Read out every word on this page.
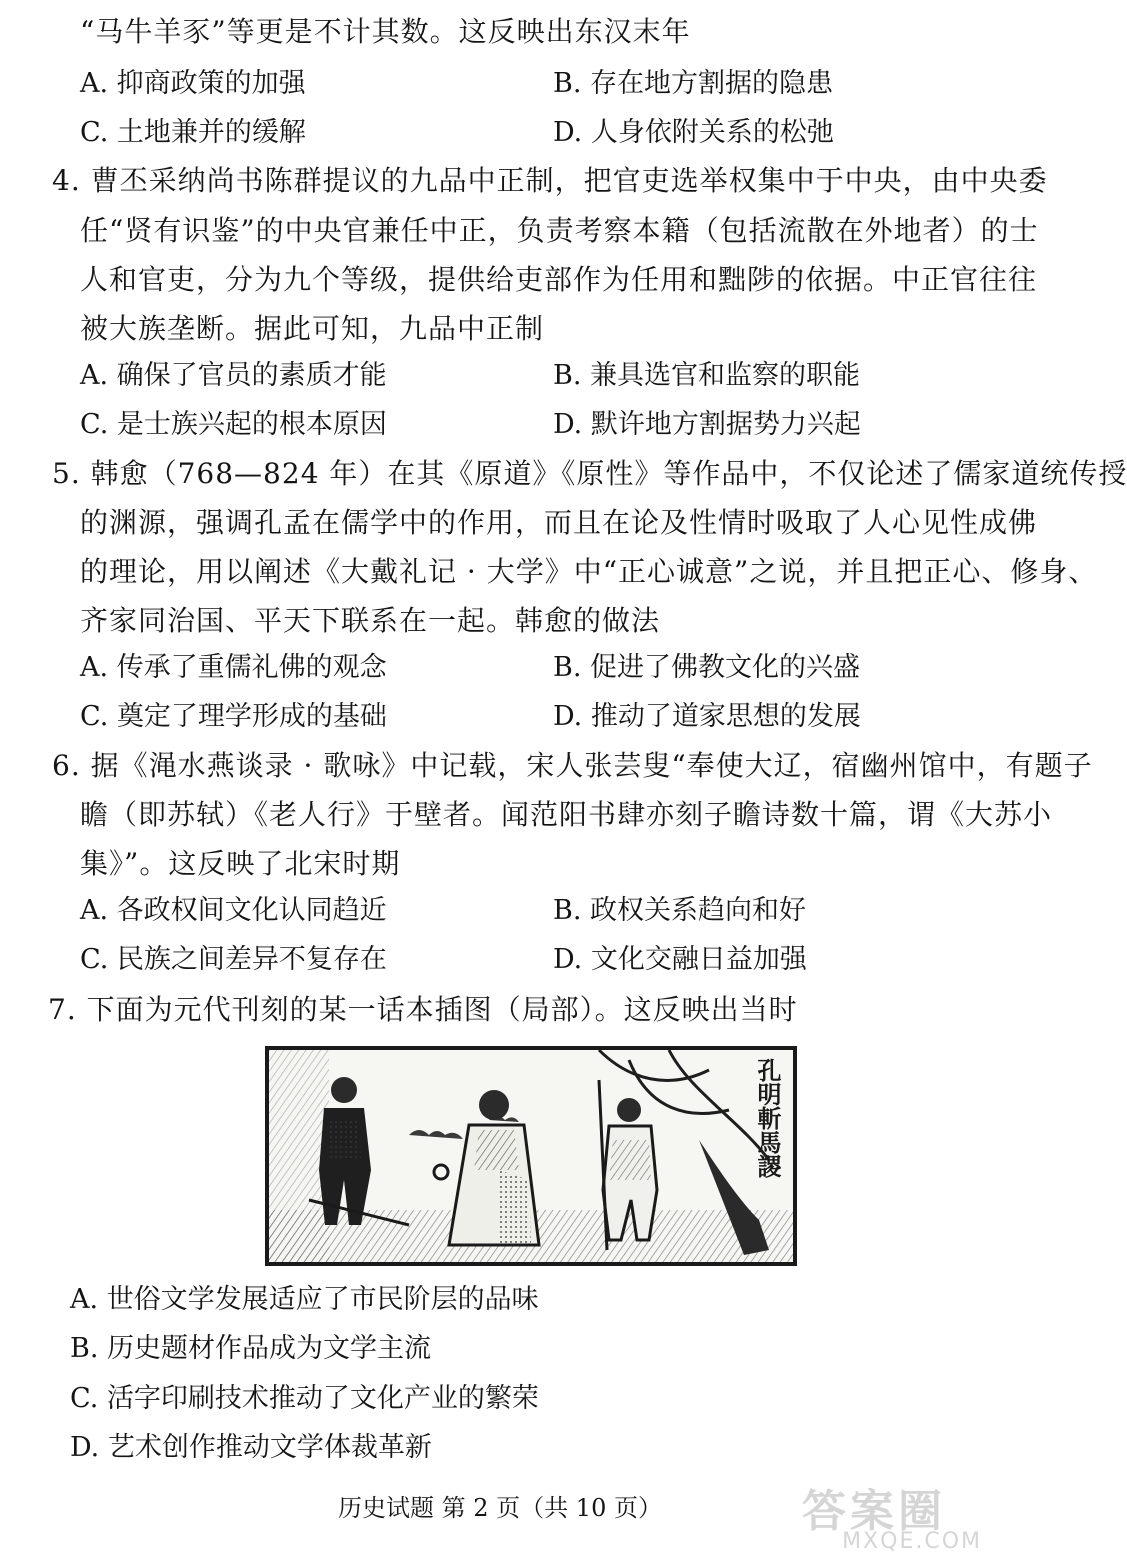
“马牛羊豕”等更是不计其数。这反映出东汉末年
A. 抑商政策的加强	B. 存在地方割据的隐患
C. 土地兼并的缓解	D. 人身依附关系的松弛
4. 曹丕采纳尚书陈群提议的九品中正制，把官吏选举权集中于中央，由中央委
任“贤有识鉴”的中央官兼任中正，负责考察本籍（包括流散在外地者）的士
人和官吏，分为九个等级，提供给吏部作为任用和黜陟的依据。中正官往往
被大族垄断。据此可知，九品中正制
A. 确保了官员的素质才能	B. 兼具选官和监察的职能
C. 是士族兴起的根本原因	D. 默许地方割据势力兴起
5. 韩愈（768—824 年）在其《原道》《原性》等作品中，不仅论述了儒家道统传授
的渊源，强调孔孟在儒学中的作用，而且在论及性情时吸取了人心见性成佛
的理论，用以阐述《大戴礼记 · 大学》中“正心诚意”之说，并且把正心、修身、
齐家同治国、平天下联系在一起。韩愈的做法
A. 传承了重儒礼佛的观念	B. 促进了佛教文化的兴盛
C. 奠定了理学形成的基础	D. 推动了道家思想的发展
6. 据《渑水燕谈录 · 歌咏》中记载，宋人张芸叟“奉使大辽，宿幽州馆中，有题子
瞻（即苏轼）《老人行》于壁者。闻范阳书肆亦刻子瞻诗数十篇，谓《大苏小
集》”。这反映了北宋时期
A. 各政权间文化认同趋近	B. 政权关系趋向和好
C. 民族之间差异不复存在	D. 文化交融日益加强
7. 下面为元代刊刻的某一话本插图（局部）。这反映出当时
孔明斬馬謖
A. 世俗文学发展适应了市民阶层的品味
B. 历史题材作品成为文学主流
C. 活字印刷技术推动了文化产业的繁荣
D. 艺术创作推动文学体裁革新
历史试题 第 2 页（共 10 页）	答案圈
MXQE.COM
